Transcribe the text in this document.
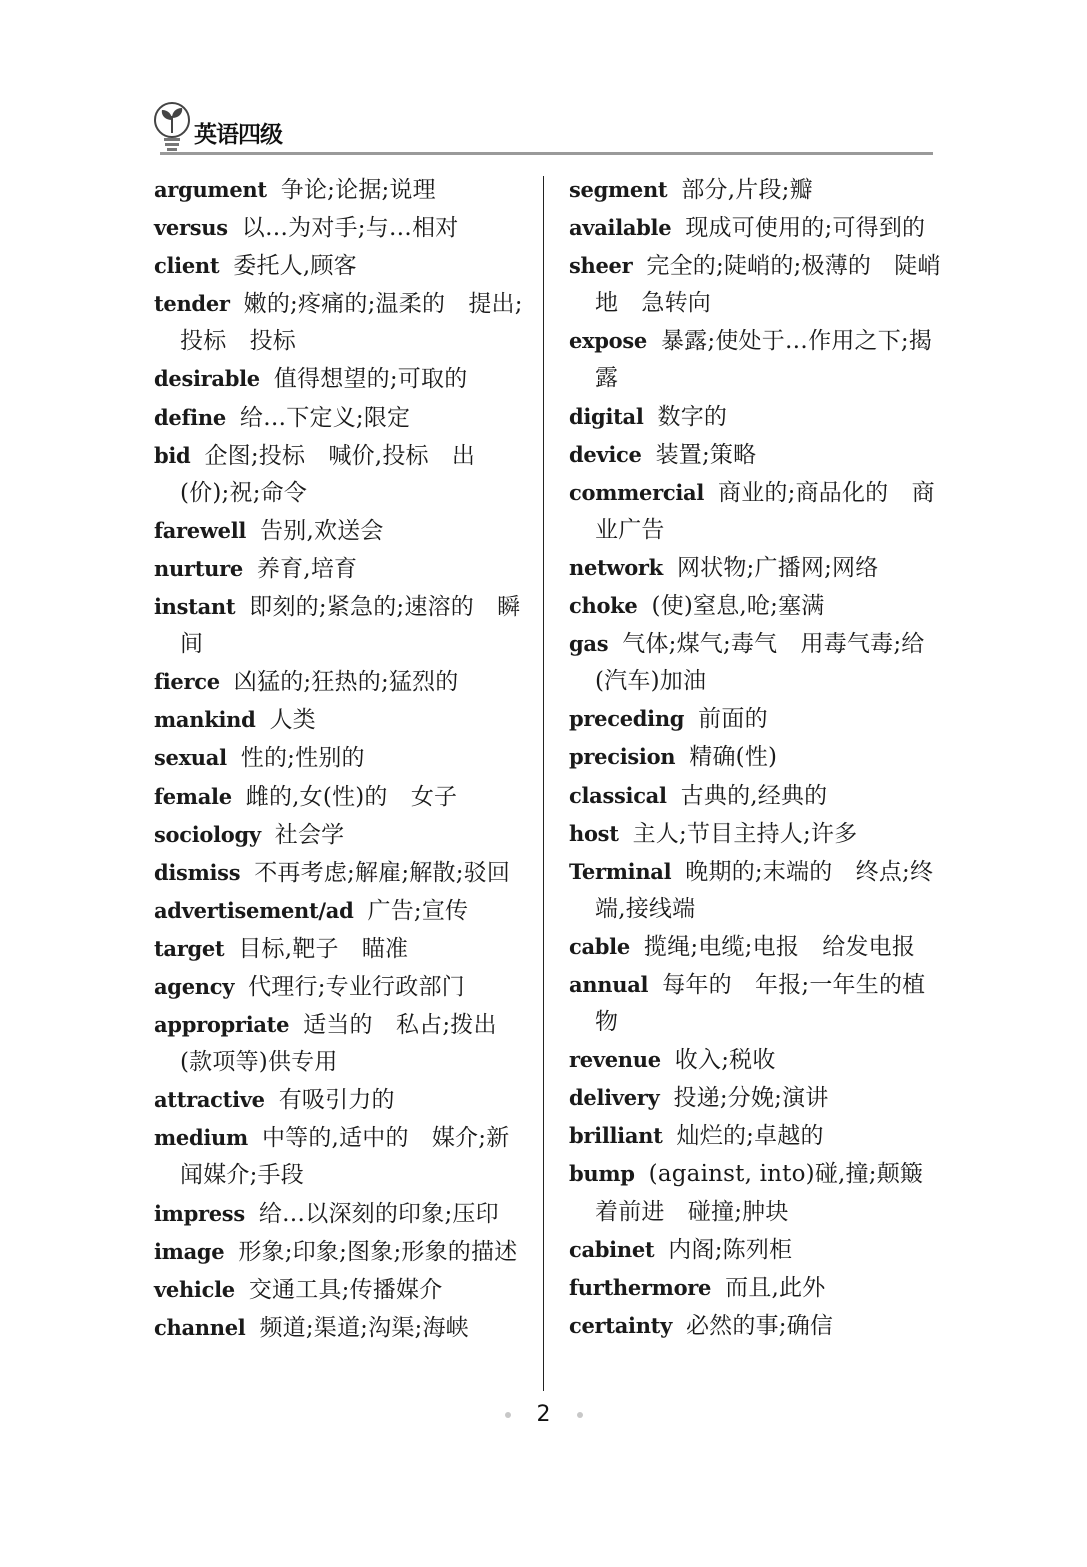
英语四级
argument 争论;论据;说理
versus 以…为对手;与…相对
client 委托人,顾客
tender 嫩的;疼痛的;温柔的　提出;投标　投标
desirable 值得想望的;可取的
define 给…下定义;限定
bid 企图;投标　喊价,投标　出(价);祝;命令
farewell 告别,欢送会
nurture 养育,培育
instant 即刻的;紧急的;速溶的　瞬间
fierce 凶猛的;狂热的;猛烈的
mankind 人类
sexual 性的;性别的
female 雌的,女(性)的　女子
sociology 社会学
dismiss 不再考虑;解雇;解散;驳回
advertisement/ad 广告;宣传
target 目标,靶子　瞄准
agency 代理行;专业行政部门
appropriate 适当的　私占;拨出(款项等)供专用
attractive 有吸引力的
medium 中等的,适中的　媒介;新闻媒介;手段
impress 给…以深刻的印象;压印
image 形象;印象;图象;形象的描述
vehicle 交通工具;传播媒介
channel 频道;渠道;沟渠;海峡
segment 部分,片段;瓣
available 现成可使用的;可得到的
sheer 完全的;陡峭的;极薄的　陡峭地　急转向
expose 暴露;使处于…作用之下;揭露
digital 数字的
device 装置;策略
commercial 商业的;商品化的　商业广告
network 网状物;广播网;网络
choke (使)窒息,呛;塞满
gas 气体;煤气;毒气　用毒气毒;给(汽车)加油
preceding 前面的
precision 精确(性)
classical 古典的,经典的
host 主人;节目主持人;许多
Terminal 晚期的;末端的　终点;终端,接线端
cable 揽绳;电缆;电报　给发电报
annual 每年的　年报;一年生的植物
revenue 收入;税收
delivery 投递;分娩;演讲
brilliant 灿烂的;卓越的
bump (against, into)碰,撞;颠簸着前进　碰撞;肿块
cabinet 内阁;陈列柜
furthermore 而且,此外
certainty 必然的事;确信
2
